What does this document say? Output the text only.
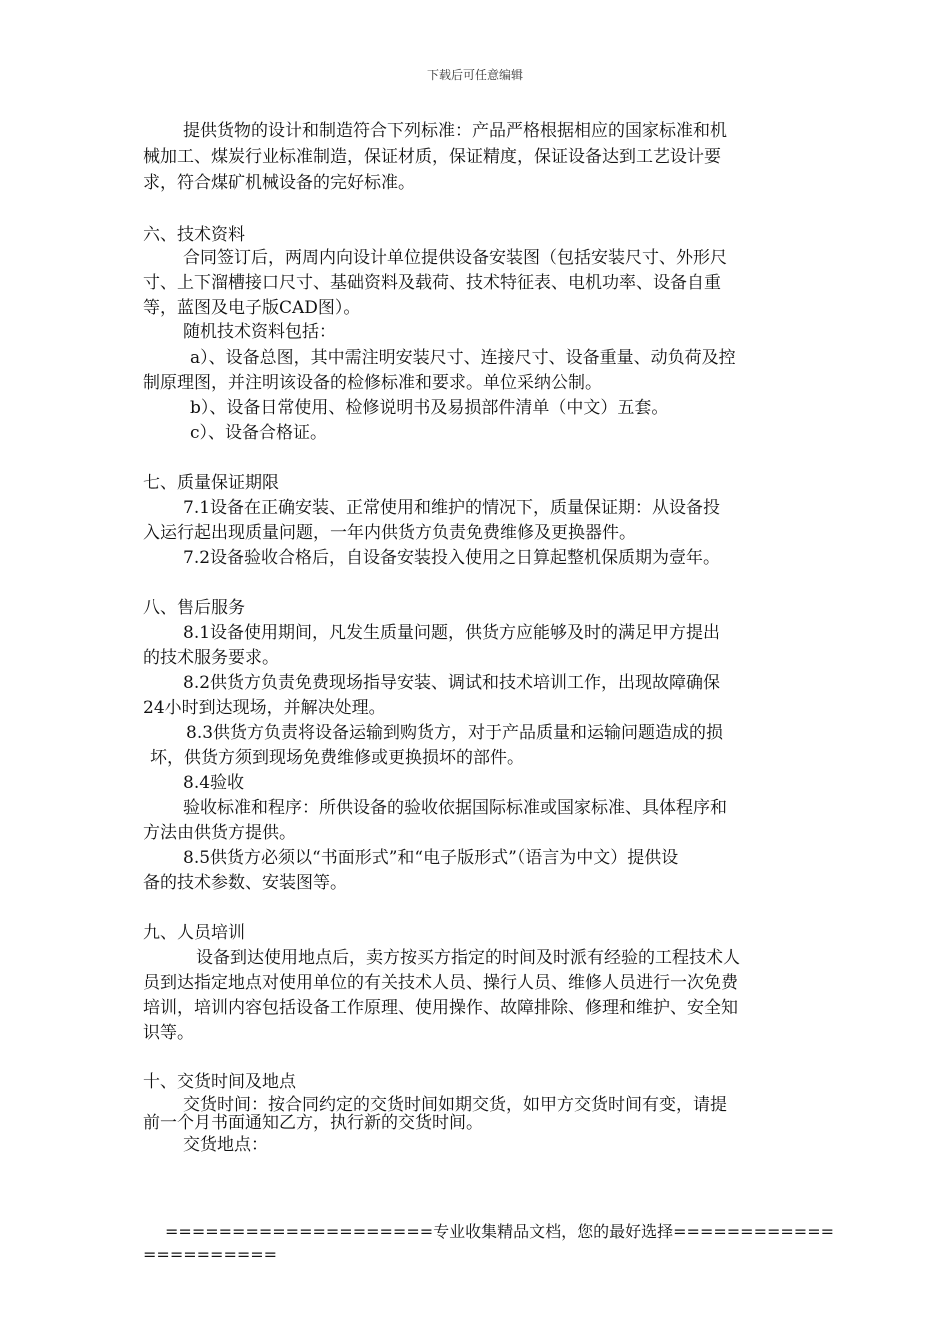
下载后可任意编辑

提供货物的设计和制造符合下列标准：产品严格根据相应的国家标准和机

械加工、煤炭行业标准制造，保证材质，保证精度，保证设备达到工艺设计要

求，符合煤矿机械设备的完好标准。

六、技术资料

合同签订后，两周内向设计单位提供设备安装图（包括安装尺寸、外形尺

寸、上下溜槽接口尺寸、基础资料及载荷、技术特征表、电机功率、设备自重

等，蓝图及电子版CAD图）。

随机技术资料包括：

a）、设备总图，其中需注明安装尺寸、连接尺寸、设备重量、动负荷及控

制原理图，并注明该设备的检修标准和要求。单位采纳公制。

b）、设备日常使用、检修说明书及易损部件清单（中文）五套。

c）、设备合格证。

七、质量保证期限

7.1设备在正确安装、正常使用和维护的情况下，质量保证期：从设备投

入运行起出现质量问题，一年内供货方负责免费维修及更换器件。

7.2设备验收合格后，自设备安装投入使用之日算起整机保质期为壹年。

八、售后服务

8.1设备使用期间，凡发生质量问题，供货方应能够及时的满足甲方提出

的技术服务要求。

8.2供货方负责免费现场指导安装、调试和技术培训工作，出现故障确保

24小时到达现场，并解决处理。

8.3供货方负责将设备运输到购货方，对于产品质量和运输问题造成的损

坏，供货方须到现场免费维修或更换损坏的部件。

8.4验收

验收标准和程序：所供设备的验收依据国际标准或国家标准、具体程序和

方法由供货方提供。

8.5供货方必须以“书面形式”和“电子版形式”（语言为中文）提供设

备的技术参数、安装图等。

九、人员培训

设备到达使用地点后，卖方按买方指定的时间及时派有经验的工程技术人

员到达指定地点对使用单位的有关技术人员、操行人员、维修人员进行一次免费

培训，培训内容包括设备工作原理、使用操作、故障排除、修理和维护、安全知

识等。

十、交货时间及地点

交货时间：按合同约定的交货时间如期交货，如甲方交货时间有变，请提

前一个月书面通知乙方，执行新的交货时间。

交货地点：

====================专业收集精品文档，您的最好选择============
==========
